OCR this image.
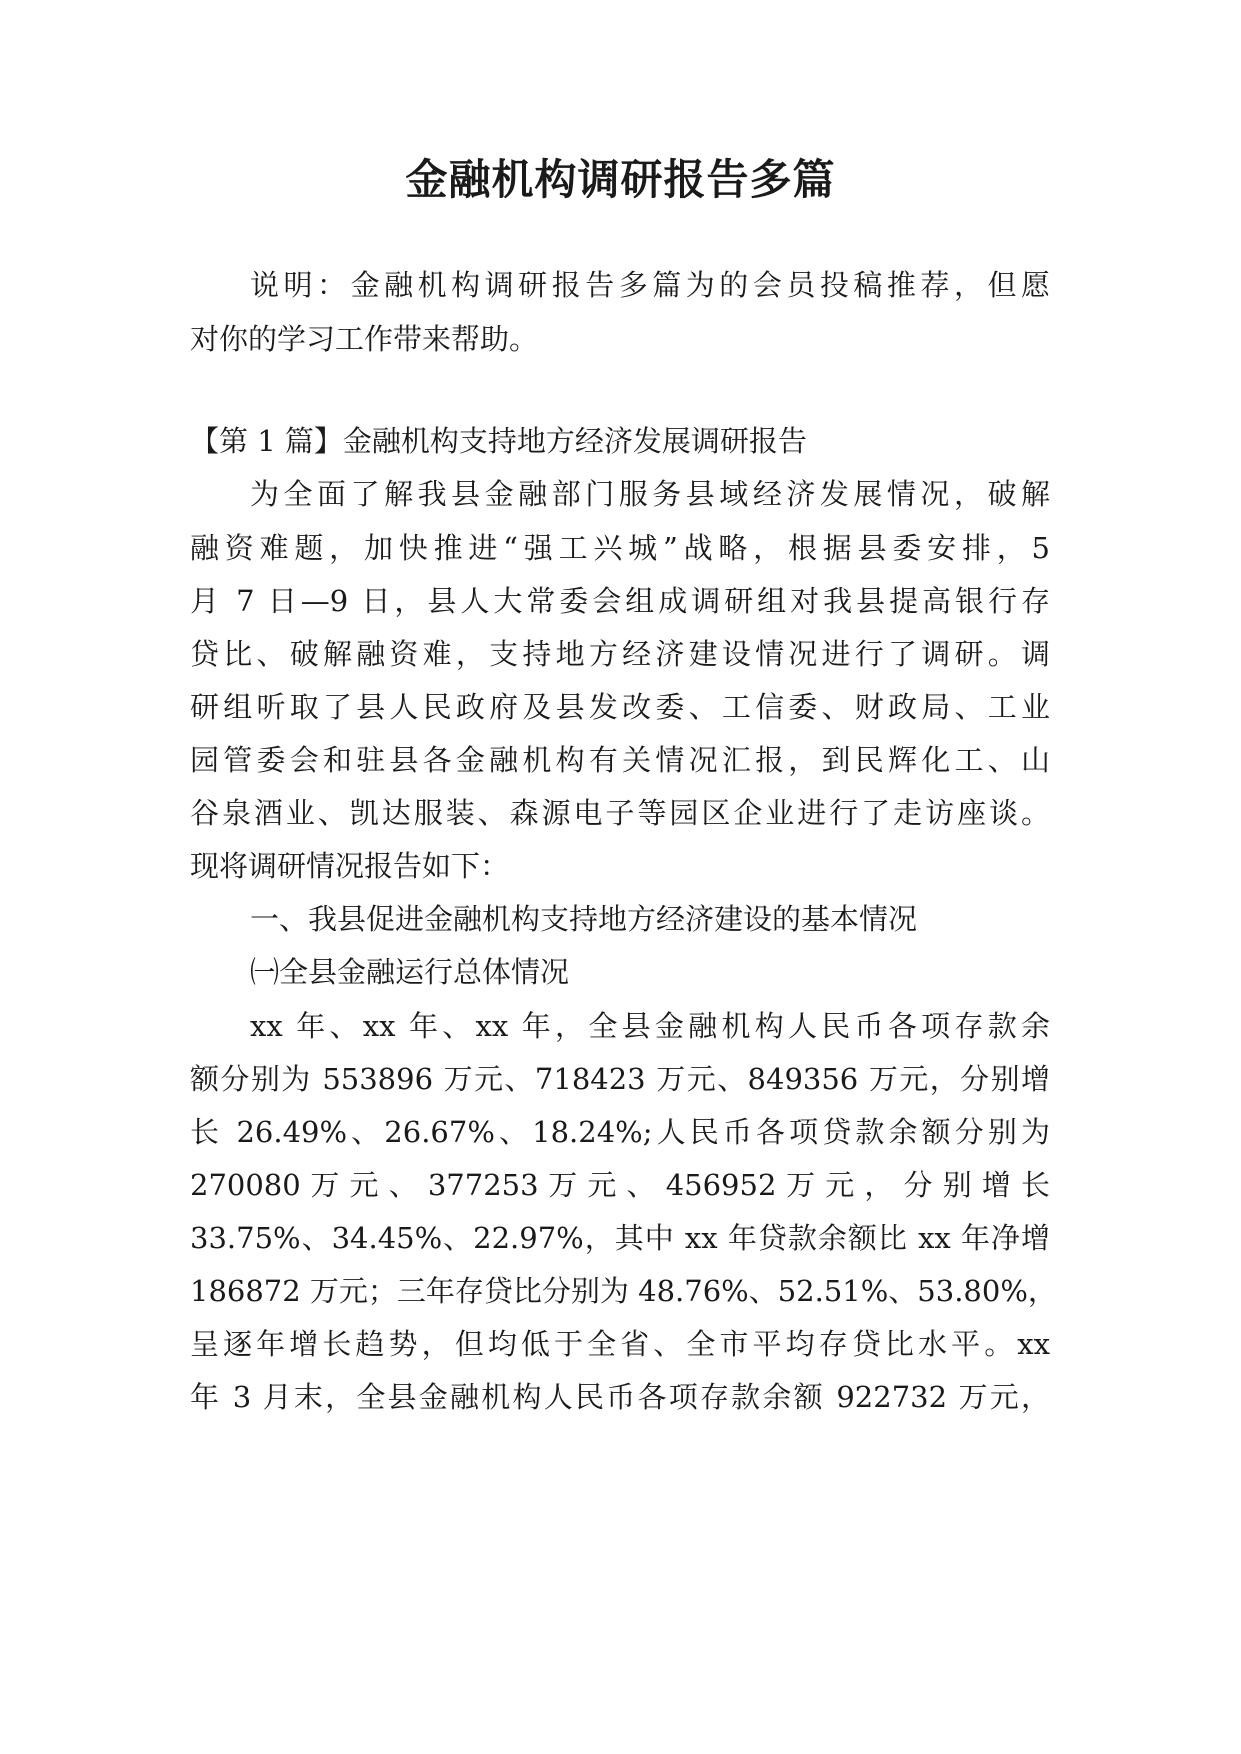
金融机构调研报告多篇

说明：金融机构调研报告多篇为的会员投稿推荐，但愿

对你的学习工作带来帮助。

【第 1 篇】金融机构支持地方经济发展调研报告

为全面了解我县金融部门服务县域经济发展情况，破解

融资难题，加快推进“强工兴城”战略，根据县委安排，5

月 7 日—9 日，县人大常委会组成调研组对我县提高银行存

贷比、破解融资难，支持地方经济建设情况进行了调研。调

研组听取了县人民政府及县发改委、工信委、财政局、工业

园管委会和驻县各金融机构有关情况汇报，到民辉化工、山

谷泉酒业、凯达服装、森源电子等园区企业进行了走访座谈。

现将调研情况报告如下：

一、我县促进金融机构支持地方经济建设的基本情况

㈠全县金融运行总体情况

xx 年、xx 年、xx 年，全县金融机构人民币各项存款余

额分别为 553896 万元、718423 万元、849356 万元，分别增

长 26.49%、26.67%、18.24%;人民币各项贷款余额分别为

270080 万 元 、 377253 万 元 、 456952 万 元 ， 分 别 增 长

33.75%、34.45%、22.97%，其中 xx 年贷款余额比 xx 年净增

186872 万元；三年存贷比分别为 48.76%、52.51%、53.80%，

呈逐年增长趋势，但均低于全省、全市平均存贷比水平。xx

年 3 月末，全县金融机构人民币各项存款余额 922732 万元，
